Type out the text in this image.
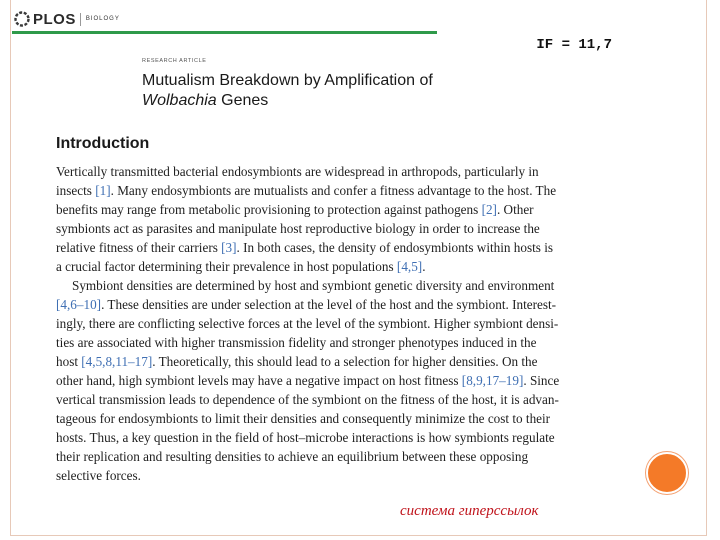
PLOS BIOLOGY
IF = 11,7
RESEARCH ARTICLE
Mutualism Breakdown by Amplification of
Wolbachia Genes
Introduction
Vertically transmitted bacterial endosymbionts are widespread in arthropods, particularly in
insects [1]. Many endosymbionts are mutualists and confer a fitness advantage to the host. The
benefits may range from metabolic provisioning to protection against pathogens [2]. Other
symbionts act as parasites and manipulate host reproductive biology in order to increase the
relative fitness of their carriers [3]. In both cases, the density of endosymbionts within hosts is
a crucial factor determining their prevalence in host populations [4,5].
Symbiont densities are determined by host and symbiont genetic diversity and environment
[4,6–10]. These densities are under selection at the level of the host and the symbiont. Interest-
ingly, there are conflicting selective forces at the level of the symbiont. Higher symbiont densi-
ties are associated with higher transmission fidelity and stronger phenotypes induced in the
host [4,5,8,11–17]. Theoretically, this should lead to a selection for higher densities. On the
other hand, high symbiont levels may have a negative impact on host fitness [8,9,17–19]. Since
vertical transmission leads to dependence of the symbiont on the fitness of the host, it is advan-
tageous for endosymbionts to limit their densities and consequently minimize the cost to their
hosts. Thus, a key question in the field of host–microbe interactions is how symbionts regulate
their replication and resulting densities to achieve an equilibrium between these opposing
selective forces.
система гиперссылок
